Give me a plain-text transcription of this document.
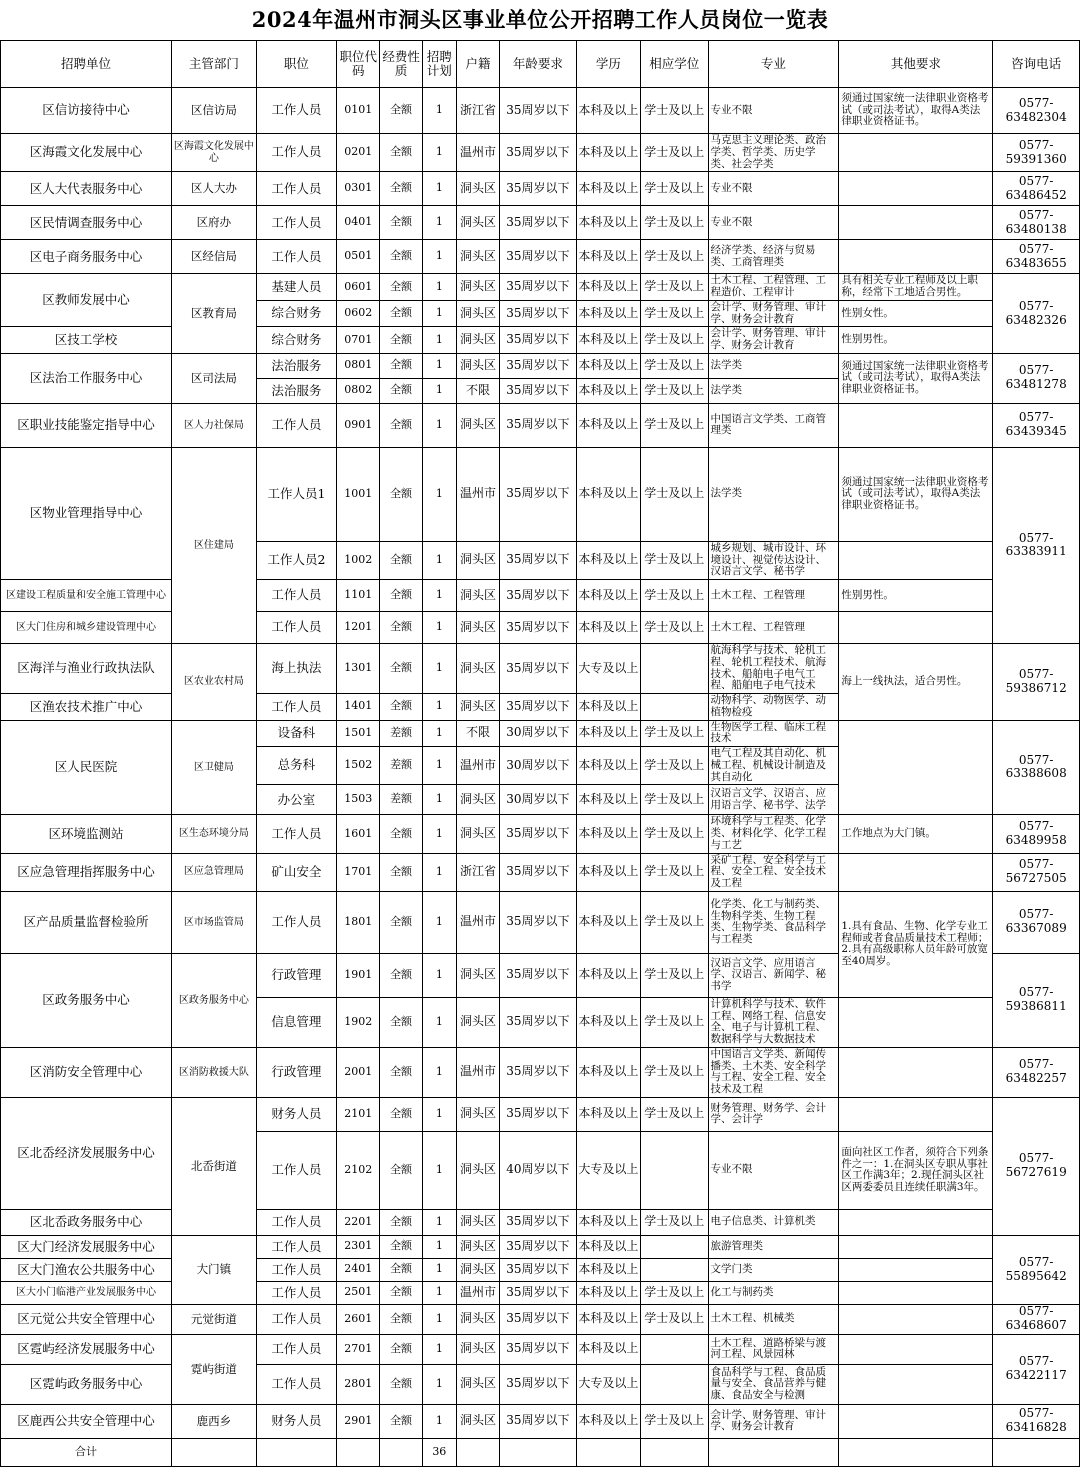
2024年温州市洞头区事业单位公开招聘工作人员岗位一览表
招聘单位	主管部门	职位	职位代码	经费性质	招聘计划	户籍	年龄要求	学历	相应学位	专业	其他要求	咨询电话
区信访接待中心	区信访局	工作人员	0101	全额	1	浙江省	35周岁以下	本科及以上	学士及以上	专业不限	须通过国家统一法律职业资格考试（或司法考试），取得A类法律职业资格证书。	0577-63482304
区海霞文化发展中心	区海霞文化发展中心	工作人员	0201	全额	1	温州市	35周岁以下	本科及以上	学士及以上	马克思主义理论类、政治学类、哲学类、历史学类、社会学类		0577-59391360
区人大代表服务中心	区人大办	工作人员	0301	全额	1	洞头区	35周岁以下	本科及以上	学士及以上	专业不限		0577-63486452
区民情调查服务中心	区府办	工作人员	0401	全额	1	洞头区	35周岁以下	本科及以上	学士及以上	专业不限		0577-63480138
区电子商务服务中心	区经信局	工作人员	0501	全额	1	洞头区	35周岁以下	本科及以上	学士及以上	经济学类、经济与贸易类、工商管理类		0577-63483655
区教师发展中心	区教育局	基建人员	0601	全额	1	洞头区	35周岁以下	本科及以上	学士及以上	土木工程、工程管理、工程造价、工程审计	具有相关专业工程师及以上职称，经常下工地适合男性。	0577-63482326
		综合财务	0602	全额	1	洞头区	35周岁以下	本科及以上	学士及以上	会计学、财务管理、审计学、财务会计教育	性别女性。	
区技工学校		综合财务	0701	全额	1	洞头区	35周岁以下	本科及以上	学士及以上	会计学、财务管理、审计学、财务会计教育	性别男性。	
区法治工作服务中心	区司法局	法治服务	0801	全额	1	洞头区	35周岁以下	本科及以上	学士及以上	法学类	须通过国家统一法律职业资格考试（或司法考试），取得A类法律职业资格证书。	0577-63481278
		法治服务	0802	全额	1	不限	35周岁以下	本科及以上	学士及以上	法学类		
区职业技能鉴定指导中心	区人力社保局	工作人员	0901	全额	1	洞头区	35周岁以下	本科及以上	学士及以上	中国语言文学类、工商管理类		0577-63439345
区物业管理指导中心	区住建局	工作人员1	1001	全额	1	温州市	35周岁以下	本科及以上	学士及以上	法学类	须通过国家统一法律职业资格考试（或司法考试），取得A类法律职业资格证书。	0577-63383911
		工作人员2	1002	全额	1	洞头区	35周岁以下	本科及以上	学士及以上	城乡规划、城市设计、环境设计、视觉传达设计、汉语言文学、秘书学		
区建设工程质量和安全施工管理中心		工作人员	1101	全额	1	洞头区	35周岁以下	本科及以上	学士及以上	土木工程、工程管理	性别男性。	
区大门住房和城乡建设管理中心		工作人员	1201	全额	1	洞头区	35周岁以下	本科及以上	学士及以上	土木工程、工程管理		
区海洋与渔业行政执法队	区农业农村局	海上执法	1301	全额	1	洞头区	35周岁以下	大专及以上		航海科学与技术、轮机工程、轮机工程技术、航海技术、船舶电子电气工程、船舶电子电气技术	海上一线执法，适合男性。	0577-59386712
区渔农技术推广中心		工作人员	1401	全额	1	洞头区	35周岁以下	本科及以上		动物科学、动物医学、动植物检疫		
区人民医院	区卫健局	设备科	1501	差额	1	不限	30周岁以下	本科及以上	学士及以上	生物医学工程、临床工程技术		0577-63388608
		总务科	1502	差额	1	温州市	30周岁以下	本科及以上	学士及以上	电气工程及其自动化、机械工程、机械设计制造及其自动化		
		办公室	1503	差额	1	洞头区	30周岁以下	本科及以上	学士及以上	汉语言文学、汉语言、应用语言学、秘书学、法学		
区环境监测站	区生态环境分局	工作人员	1601	全额	1	洞头区	35周岁以下	本科及以上	学士及以上	环境科学与工程类、化学类、材料化学、化学工程与工艺	工作地点为大门镇。	0577-63489958
区应急管理指挥服务中心	区应急管理局	矿山安全	1701	全额	1	浙江省	35周岁以下	本科及以上	学士及以上	采矿工程、安全科学与工程、安全工程、安全技术及工程		0577-56727505
区产品质量监督检验所	区市场监管局	工作人员	1801	全额	1	温州市	35周岁以下	本科及以上	学士及以上	化学类、化工与制药类、生物科学类、生物工程类、生物学类、食品科学与工程类	1.具有食品、生物、化学专业工程师或者食品质量技术工程师；2.具有高级职称人员年龄可放宽至40周岁。	0577-63367089
区政务服务中心	区政务服务中心	行政管理	1901	全额	1	洞头区	35周岁以下	本科及以上	学士及以上	汉语言文学、应用语言学、汉语言、新闻学、秘书学		0577-59386811
		信息管理	1902	全额	1	洞头区	35周岁以下	本科及以上	学士及以上	计算机科学与技术、软件工程、网络工程、信息安全、电子与计算机工程、数据科学与大数据技术		
区消防安全管理中心	区消防救援大队	行政管理	2001	全额	1	温州市	35周岁以下	本科及以上	学士及以上	中国语言文学类、新闻传播类、土木类、安全科学与工程、安全工程、安全技术及工程		0577-63482257
区北岙经济发展服务中心	北岙街道	财务人员	2101	全额	1	洞头区	35周岁以下	本科及以上	学士及以上	财务管理、财务学、会计学、会计学		0577-56727619
		工作人员	2102	全额	1	洞头区	40周岁以下	大专及以上		专业不限	面向社区工作者，须符合下列条件之一：1.在洞头区专职从事社区工作满3年；2.现任洞头区社区两委委员且连续任职满3年。	
区北岙政务服务中心		工作人员	2201	全额	1	洞头区	35周岁以下	本科及以上	学士及以上	电子信息类、计算机类		
区大门经济发展服务中心	大门镇	工作人员	2301	全额	1	洞头区	35周岁以下	本科及以上		旅游管理类		0577-55895642
区大门渔农公共服务中心		工作人员	2401	全额	1	洞头区	35周岁以下	本科及以上		文学门类		
区大小门临港产业发展服务中心		工作人员	2501	全额	1	温州市	35周岁以下	本科及以上	学士及以上	化工与制药类		
区元觉公共安全管理中心	元觉街道	工作人员	2601	全额	1	洞头区	35周岁以下	本科及以上	学士及以上	土木工程、机械类		0577-63468607
区霓屿经济发展服务中心	霓屿街道	工作人员	2701	全额	1	洞头区	35周岁以下	本科及以上		土木工程、道路桥梁与渡河工程、风景园林		0577-63422117
区霓屿政务服务中心		工作人员	2801	全额	1	洞头区	35周岁以下	大专及以上		食品科学与工程、食品质量与安全、食品营养与健康、食品安全与检测		
区鹿西公共安全管理中心	鹿西乡	财务人员	2901	全额	1	洞头区	35周岁以下	本科及以上	学士及以上	会计学、财务管理、审计学、财务会计教育		0577-63416828
合计					36							
